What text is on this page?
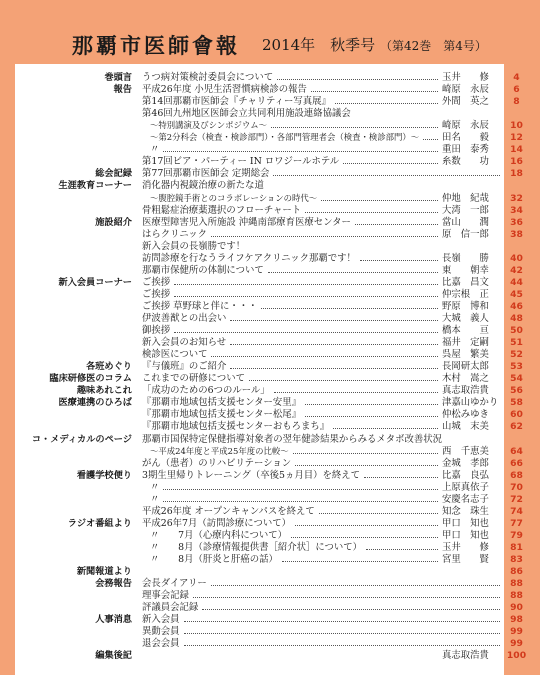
那覇市医師會報 2014年　秋季号 （第42巻　第4号）
巻頭言 うつ病対策検討委員会について	玉井　　修	4
報告 平成26年度 小児生活習慣病検診の報告	崎原　永辰	6
第14回那覇市医師会『チャリティー写真展』	外間　英之	8
第46回九州地区医師会立共同利用施設連絡協議会
～特別講演及びシンポジウム～	崎原　永辰	10
～第2分科会（検査・検診部門）・各部門管理者会（検査・検診部門）～ 田名　　毅	12
〃	重田　泰秀	14
第17回ビア・パーティー IN ロワジールホテル	糸数　　功	16
総会記録 第77回那覇市医師会 定期総会	18
生涯教育コーナー 消化器内視鏡治療の新たな道
～腹腔鏡手術とのコラボレーションの時代～	仲地　紀哉	32
骨粗鬆症治療薬選択のフローチャート	大湾　一郎	34
施設紹介 医療型障害児入所施設 沖縄南部療育医療センター	當山　　潤	36
はらクリニック	原　信一郎	38
新入会員の長嶺勝です！
訪問診療を行なうライフケアクリニック那覇です！	長嶺　　勝	40
那覇市保健所の体制について	東　　朝幸	42
新入会員コーナー ご挨拶	比嘉　昌文	44
ご挨拶	仲宗根　正	45
ご挨拶 草野球と伴に・・・	野原　博和	46
伊波善猷との出会い	大城　義人	48
御挨拶	橋本　　亘	50
新入会員のお知らせ	福井　定嗣	51
検診医について	呉屋　繁美	52
各班めぐり 『与儀班』のご紹介	長岡研太郎	53
臨床研修医のコラム これまでの研修について	木村　嵩之	54
趣味あれこれ 「成功のための6つのルール」	真志取浩貴	56
医療連携のひろば 『那覇市地域包括支援センター安里』	津嘉山ゆかり	58
『那覇市地域包括支援センター松尾』	仲松みゆき	60
『那覇市地域包括支援センターおもろまち』	山城　末美	62
コ・メディカルのページ 那覇市国保特定保健指導対象者の翌年健診結果からみるメタボ改善状況
～平成24年度と平成25年度の比較～	西　千恵美	64
がん（患者）のリハビリテーション	金城　孝郎	66
看護学校便り 3期生里帰りトレーニング（卒後5ヵ月目）を終えて	比嘉　良弘	68
〃	上原真依子	70
〃	安慶名志子	72
平成26年度 オープンキャンパスを終えて	知念　珠生	74
ラジオ番組より 平成26年7月（訪問診療について）	甲口　知也	77
〃　　7月（心療内科について）	甲口　知也	79
〃　　8月（診療情報提供書［紹介状］について）	玉井　　修	81
〃　　8月（肝炎と肝癌の話）	宮里　　賢	83
新聞報道より	86
会務報告 会長ダイアリー	88
理事会記録	88
評議員会記録	90
人事消息 新入会員	98
異動会員	99
退会会員	99
編集後記	真志取浩貴	100
